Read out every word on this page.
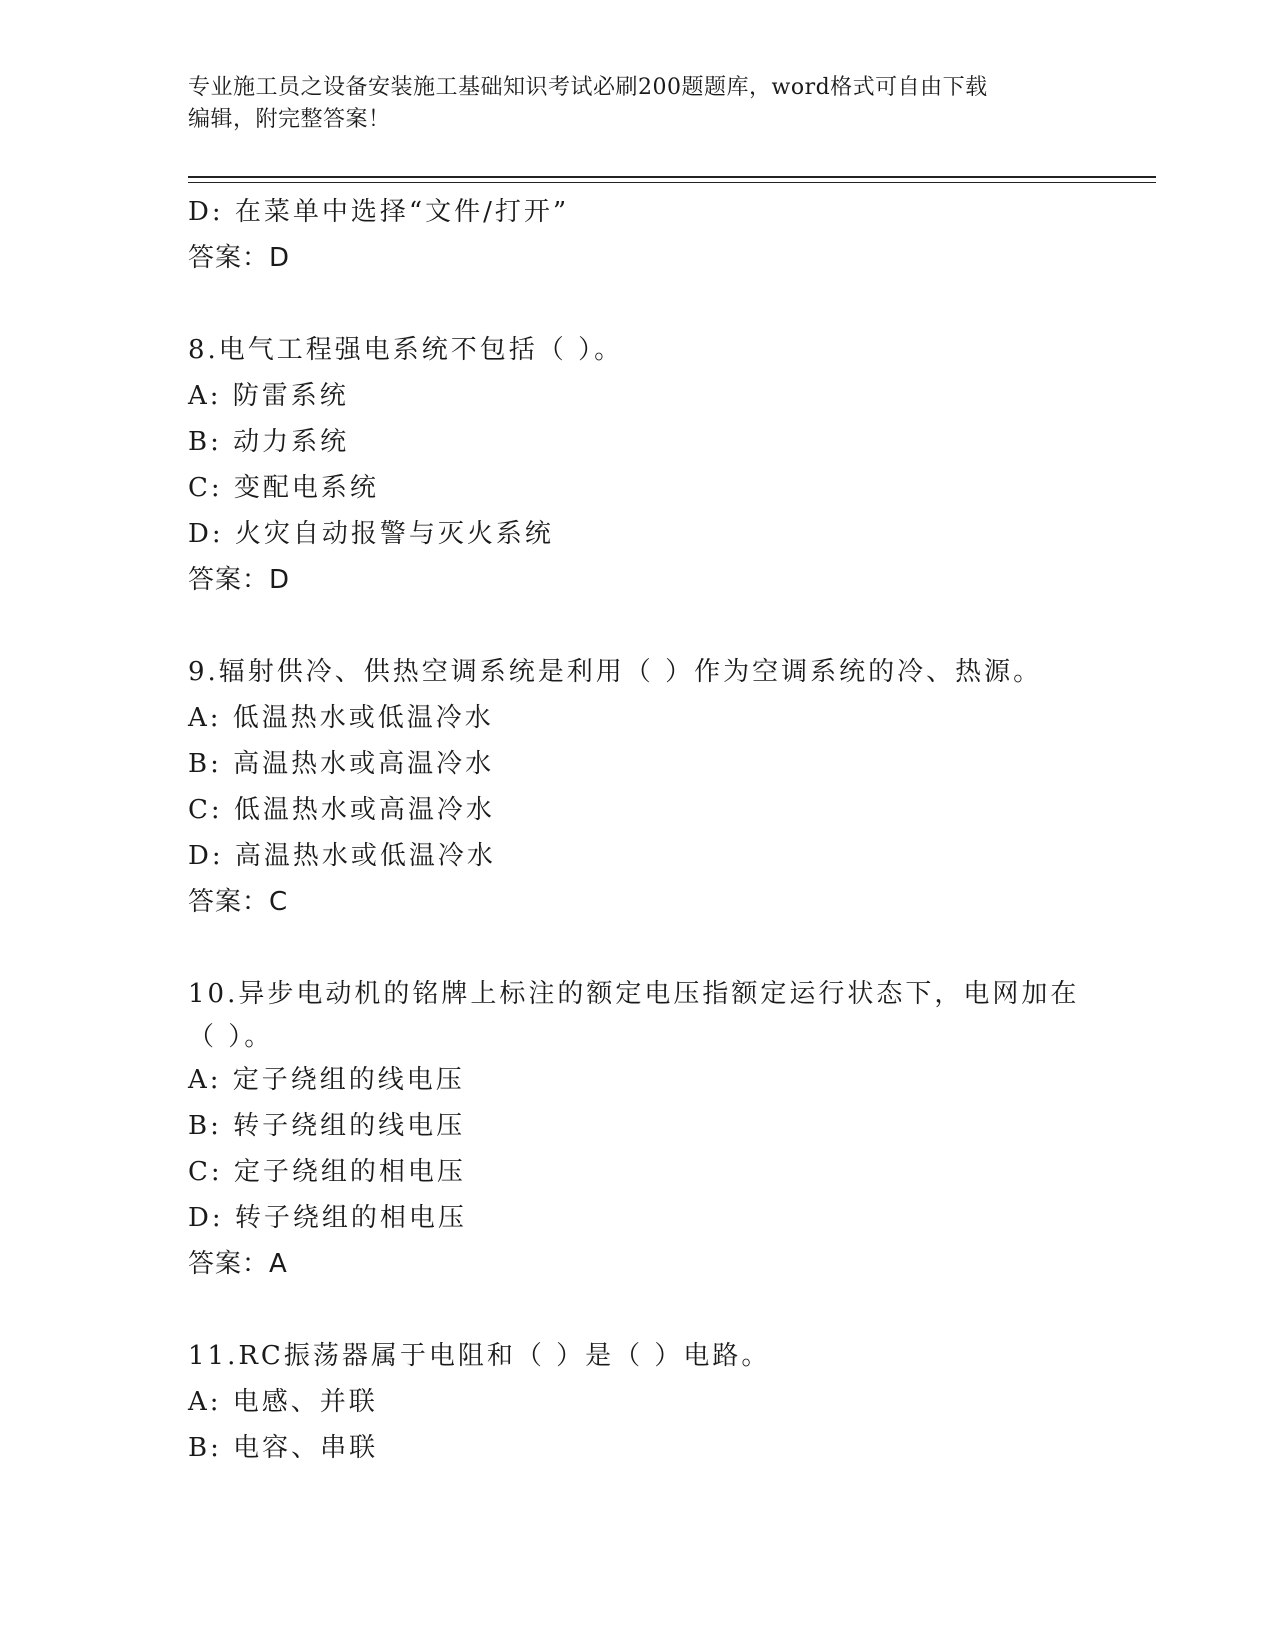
专业施工员之设备安装施工基础知识考试必刷200题题库，word格式可自由下载
编辑，附完整答案！
D: 在菜单中选择“文件/打开”
答案：D
8.电气工程强电系统不包括（ ）。
A: 防雷系统
B: 动力系统
C: 变配电系统
D: 火灾自动报警与灭火系统
答案：D
9.辐射供冷、供热空调系统是利用（ ）作为空调系统的冷、热源。
A: 低温热水或低温冷水
B: 高温热水或高温冷水
C: 低温热水或高温冷水
D: 高温热水或低温冷水
答案：C
10.异步电动机的铭牌上标注的额定电压指额定运行状态下，电网加在
（ ）。
A: 定子绕组的线电压
B: 转子绕组的线电压
C: 定子绕组的相电压
D: 转子绕组的相电压
答案：A
11.RC振荡器属于电阻和（ ）是（ ）电路。
A: 电感、并联
B: 电容、串联
